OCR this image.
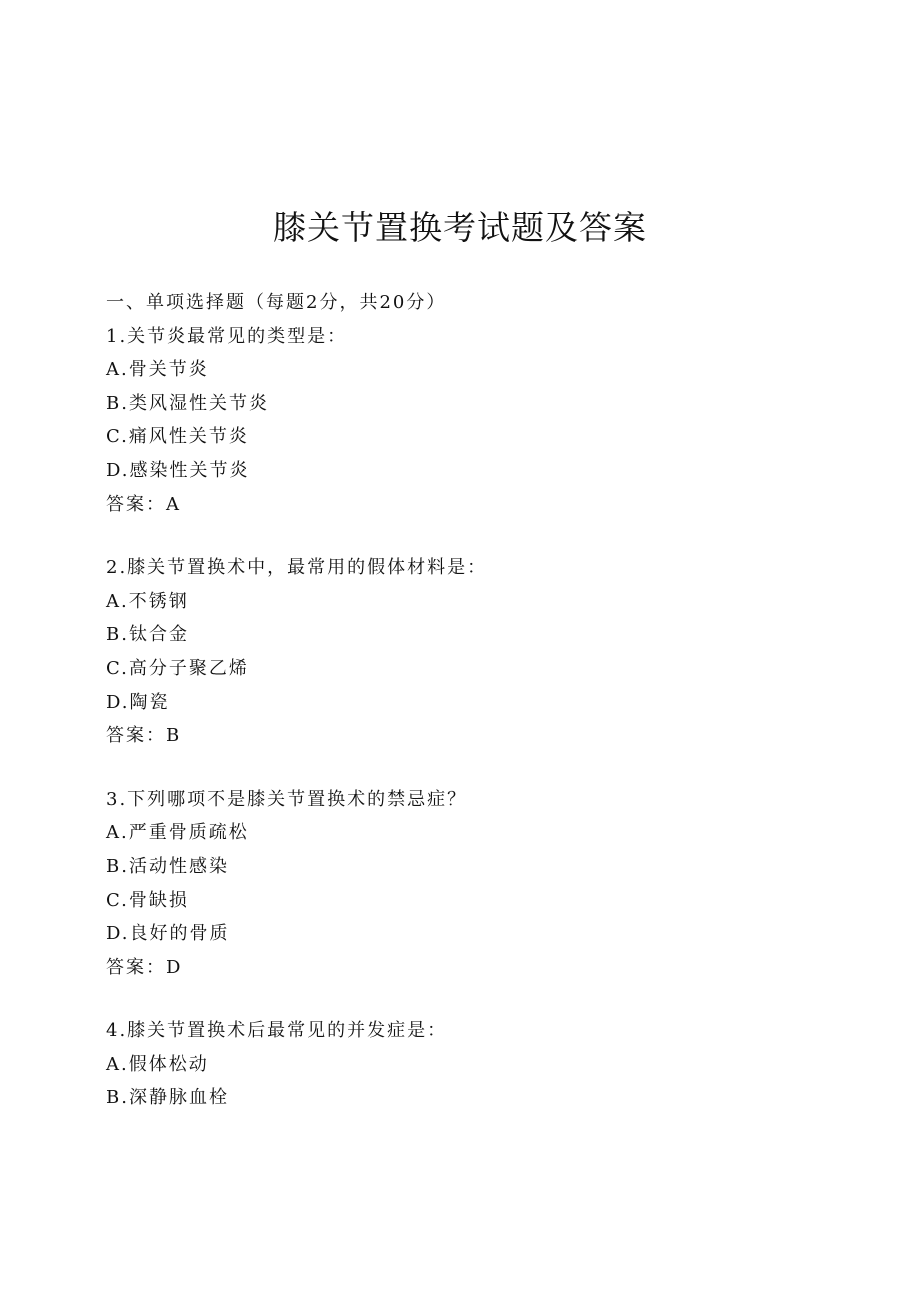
膝关节置换考试题及答案

一、单项选择题（每题2分，共20分）

1.关节炎最常见的类型是：

A.骨关节炎
B.类风湿性关节炎
C.痛风性关节炎
D.感染性关节炎

答案：A

2.膝关节置换术中，最常用的假体材料是：

A.不锈钢
B.钛合金
C.高分子聚乙烯
D.陶瓷

答案：B

3.下列哪项不是膝关节置换术的禁忌症？

A.严重骨质疏松
B.活动性感染
C.骨缺损
D.良好的骨质

答案：D

4.膝关节置换术后最常见的并发症是：

A.假体松动
B.深静脉血栓
